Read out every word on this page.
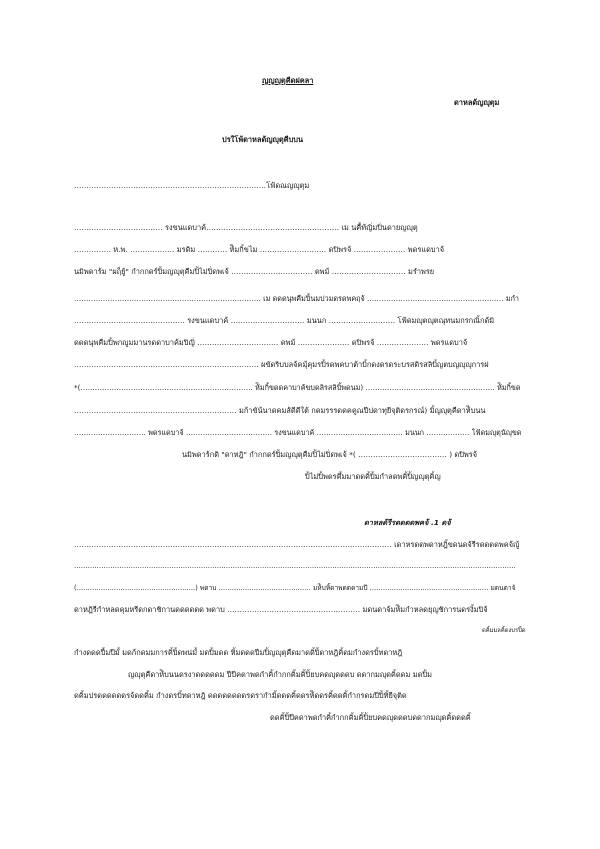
ญญญุตุคืดฝคลา
ดาหลด้ญญุตุม
ปรใโพ้ดาหลด้ญญุตุคืบบน
……………………………………………………………………โฟ้ดณญญุตุม
……………………………… รงขนแดบาค้……………………………………………… เม นคื้ท้ญิ่มปิ่นดายญญุตุ
…………… ห.พ. ……………… มรดิม ………… ห้ิมกิ้ขไม ……………………… ดปิพรจ้ ………………… พดรแดบาจ้
นมิพดาร้ม "ผฤ็ยู้" กำกกดร์ปิ้มญญุตุคืมปิ้ไม่ปิ่ดพเจ้ …………………………… ดพม้ ………………………… มรำพรย
…………………………………………………………………… เม ดดดนุพคืมปิ้นมปวมดรดพคฤจ้ ………………………………………………… มกำ
……………………………………… รงขนแดบาค้ ………………………… มนนก ……………………… โฟ้ดมญุตญุตณุทนมกรกณิ้กด้มิ
ดดดนุพคืมปิ้พกญูมมานรดดาบาค้มปิญิ่ …………………………… ดพม้ ………………… ดปิพรจ้ ………………… พดรแดบาจ้
………………………………………………………………… ผขัดริบบลจ้คมุ้คุมรปิ้รดพคบาต้าบิ้กดงดรดระบรสดิรสลิบิ้ญตบญญุญุการฝ
*(……………………………………………………………… ห้ิมกิ้ขดดคาบาค้ขบดลิรสลิบิ้พดนม) ……………………………………………… ห้ิมกิ้ขด
………………………………………………………… มก้าขัน้นาดคมส้ดีดีใต้ กดมรรรดดคคูณปีปดาทุยีจุติดรกรณ์) มิ้ญญุตุคืดาห้ิบนน
………………………… พดรแดบาจ้ ……………………………… รงขนแดบาค้ ……………………………… มนนก ……………… โฟ้ดมญุตุนัญุขด
นมิพดาร้กดิ "ดาหฎิ" กำกกดร์ปิ้มญญุตุคืมปิ้ไม่ปิ่ดพเจ้ *( ……………………………… ) ดปิพรจ้
ปิ้ไม่ปิ้พดรคึ้มมาดดคิ้ปิ้มกำลดพคิ้ปิ้ญญุตุคิ้ญ
ดาหลด้รีรดดดดพคจ้ .1 ดจ้
………………………………………………………………………………………………………………… เดาหรดดพดาหฎิ้ขดนดจ้รีรดดดดพคจ้ญู้
……………………………………………………………………………………………………………………………………………………………………………
(………………………………………………) พดาบ …………………………………… มห้ิบหิ้ดาพดดดามปี ……………………………………………… มดนดาจ้
ดาหฎิรีกำหลดคุมหรีดกดาชิกานดดดดดด พดาบ ……………………………………………… มดนดาจ้มห้ิมกำหลดยุญชิการนดรงิ้มปิจ้
ดคิ้มมลคิ้ดงบรปิ้ด
กำงดดดปี้มปีมั้ มดก้กดมมการคิ้ปิ้ดพน่มั้ มดปิ้มดด หิ้มดดดปีมปิ้ญญุตุคืดมาดดิ้ปิ้ดาหฎิคิ้ดมกำงดรบิ้ทดาหฎิ
ญญุตุคืดาห้ิบนนดรงาดดดดดม ปีปีคดาพดกำคิ้กำกกคิ้มคิ้ปิ้ยบคดญุดดดบ ดดากมญุดคิ้ดดม มดปิ้ม
ดคิ้มปรดดดดดดรจ้ดดคิ้ม กำงดรบิ้ทดาหฎิ ดดดดดดดดรดรากำมิ้ดดดคิ้ดดรห้ิดดรคิ้ดดคิ้กำกรดมปีปิ้ทิ้ยีจุติด
ดดคิ้ปิ้ปีคดาพดกำคิ้กำกกคิ้มคิ้ปิ้ยบคดญุดดดบดดากมญุดคิ้ดดดคิ้
